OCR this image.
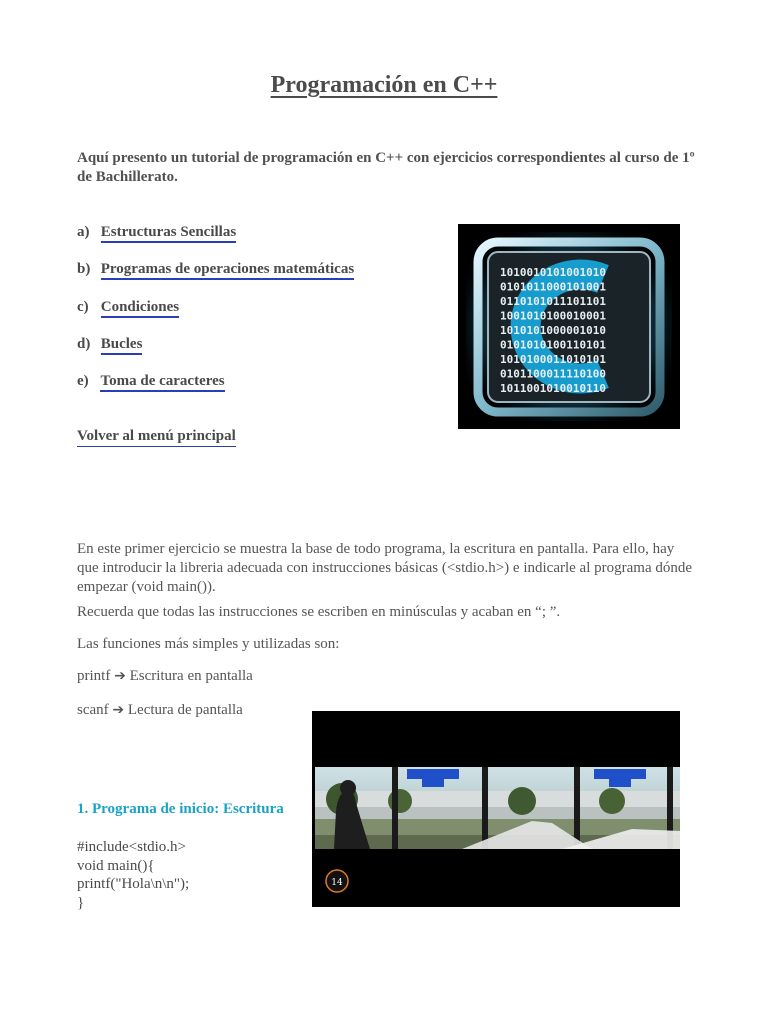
Programación en C++
Aquí presento un tutorial de programación en C++ con ejercicios correspondientes al curso de 1º de Bachillerato.
a) Estructuras Sencillas
b) Programas de operaciones matemáticas
c) Condiciones
d) Bucles
e) Toma de caracteres
Volver al menú principal
1010010101001010
0101011000101001
0110101011101101
1001010100010001
1010101000001010
0101010100110101
1010100011010101
0101100011110100
1011001010010110
En este primer ejercicio se muestra la base de todo programa, la escritura en pantalla. Para ello, hay que introducir la libreria adecuada con instrucciones básicas (<stdio.h>) e indicarle al programa dónde empezar (void main()).
Recuerda que todas las instrucciones se escriben en minúsculas y acaban en “; ”.
Las funciones más simples y utilizadas son:
printf ➔ Escritura en pantalla
scanf ➔ Lectura de pantalla
1. Programa de inicio: Escritura
#include<stdio.h>
void main(){
printf("Hola\n\n");
}
14
